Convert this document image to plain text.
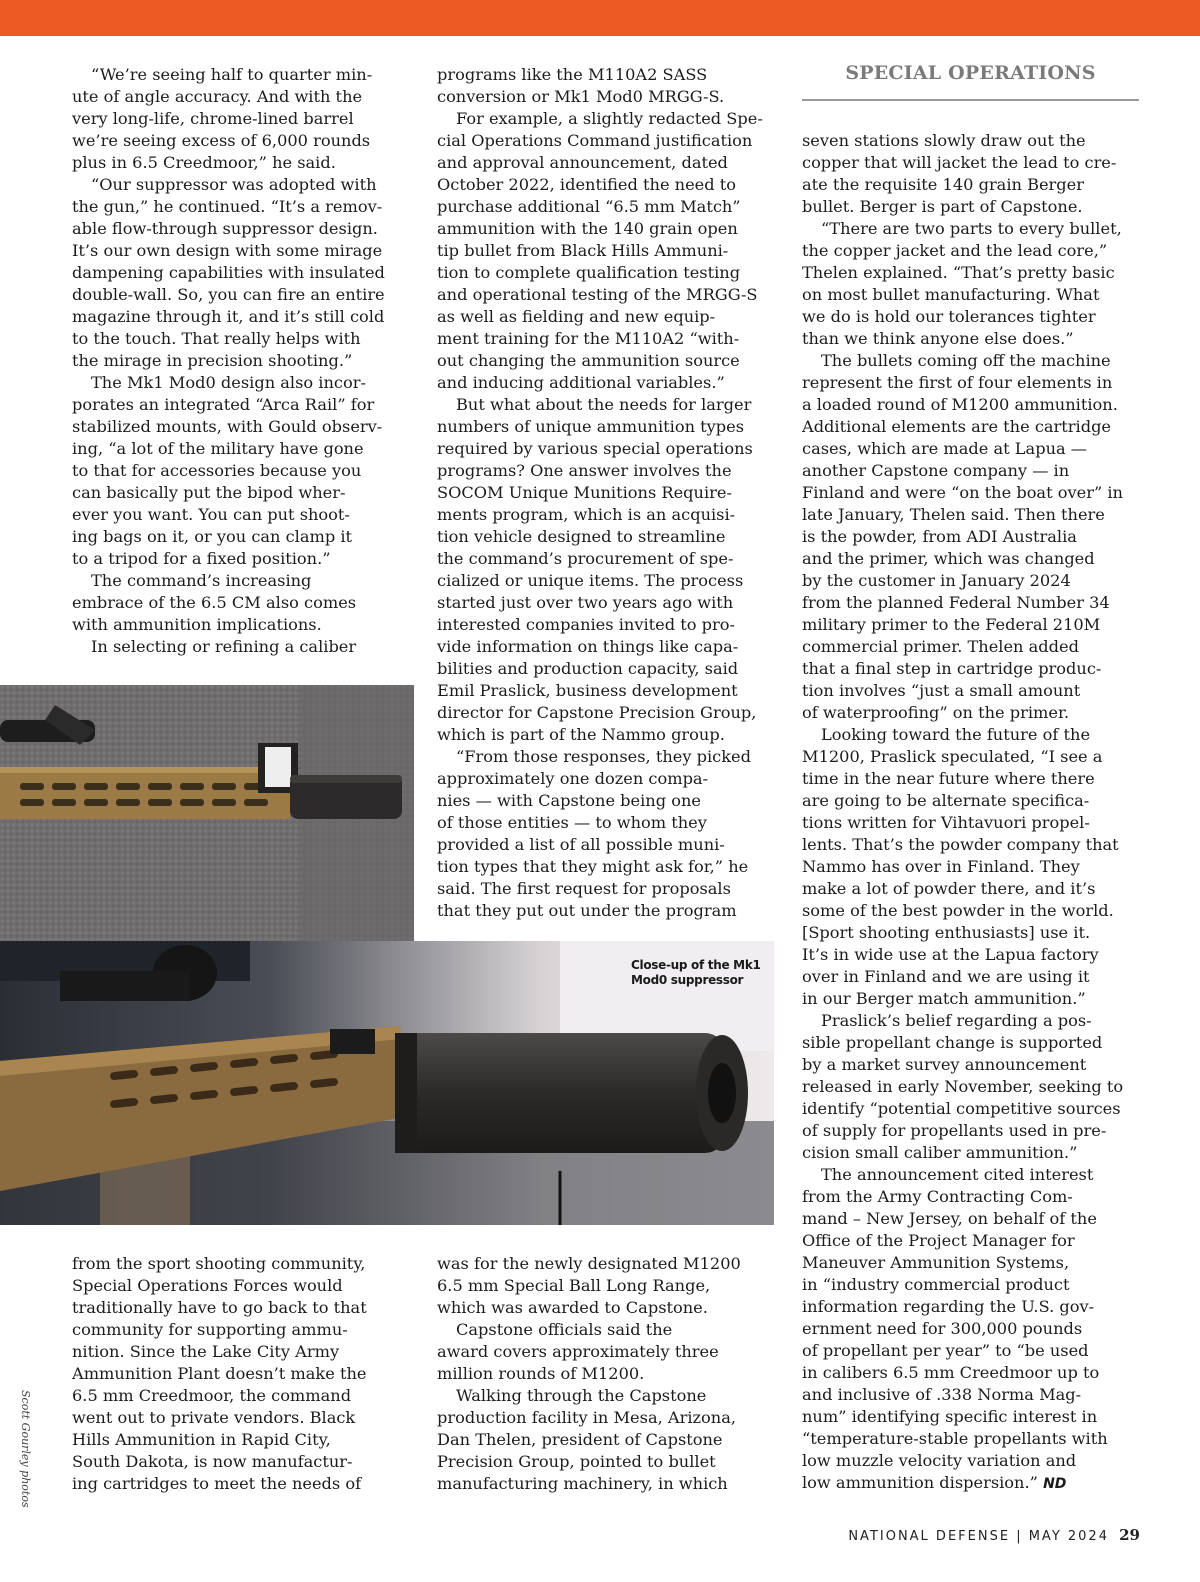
SPECIAL OPERATIONS

“We’re seeing half to quarter min-

ute of angle accuracy. And with the

very long-life, chrome-lined barrel

we’re seeing excess of 6,000 rounds

plus in 6.5 Creedmoor,” he said.

“Our suppressor was adopted with

the gun,” he continued. “It’s a remov-

able flow-through suppressor design.

It’s our own design with some mirage

dampening capabilities with insulated

double-wall. So, you can fire an entire

magazine through it, and it’s still cold

to the touch. That really helps with

the mirage in precision shooting.”

The Mk1 Mod0 design also incor-

porates an integrated “Arca Rail” for

stabilized mounts, with Gould observ-

ing, “a lot of the military have gone

to that for accessories because you

can basically put the bipod wher-

ever you want. You can put shoot-

ing bags on it, or you can clamp it

to a tripod for a fixed position.”

The command’s increasing

embrace of the 6.5 CM also comes

with ammunition implications.

In selecting or refining a caliber

from the sport shooting community,

Special Operations Forces would

traditionally have to go back to that

community for supporting ammu-

nition. Since the Lake City Army

Ammunition Plant doesn’t make the

6.5 mm Creedmoor, the command

went out to private vendors. Black

Hills Ammunition in Rapid City,

South Dakota, is now manufactur-

ing cartridges to meet the needs of

programs like the M110A2 SASS

conversion or Mk1 Mod0 MRGG-S.

For example, a slightly redacted Spe-

cial Operations Command justification

and approval announcement, dated

October 2022, identified the need to

purchase additional “6.5 mm Match”

ammunition with the 140 grain open

tip bullet from Black Hills Ammuni-

tion to complete qualification testing

and operational testing of the MRGG-S

as well as fielding and new equip-

ment training for the M110A2 “with-

out changing the ammunition source

and inducing additional variables.”

But what about the needs for larger

numbers of unique ammunition types

required by various special operations

programs? One answer involves the

SOCOM Unique Munitions Require-

ments program, which is an acquisi-

tion vehicle designed to streamline

the command’s procurement of spe-

cialized or unique items. The process

started just over two years ago with

interested companies invited to pro-

vide information on things like capa-

bilities and production capacity, said

Emil Praslick, business development

director for Capstone Precision Group,

which is part of the Nammo group.

“From those responses, they picked

approximately one dozen compa-

nies — with Capstone being one

of those entities — to whom they

provided a list of all possible muni-

tion types that they might ask for,” he

said. The first request for proposals

that they put out under the program

was for the newly designated M1200

6.5 mm Special Ball Long Range,

which was awarded to Capstone.

Capstone officials said the

award covers approximately three

million rounds of M1200.

Walking through the Capstone

production facility in Mesa, Arizona,

Dan Thelen, president of Capstone

Precision Group, pointed to bullet

manufacturing machinery, in which

seven stations slowly draw out the

copper that will jacket the lead to cre-

ate the requisite 140 grain Berger

bullet. Berger is part of Capstone.

“There are two parts to every bullet,

the copper jacket and the lead core,”

Thelen explained. “That’s pretty basic

on most bullet manufacturing. What

we do is hold our tolerances tighter

than we think anyone else does.”

The bullets coming off the machine

represent the first of four elements in

a loaded round of M1200 ammunition.

Additional elements are the cartridge

cases, which are made at Lapua —

another Capstone company — in

Finland and were “on the boat over” in

late January, Thelen said. Then there

is the powder, from ADI Australia

and the primer, which was changed

by the customer in January 2024

from the planned Federal Number 34

military primer to the Federal 210M

commercial primer. Thelen added

that a final step in cartridge produc-

tion involves “just a small amount

of waterproofing” on the primer.

Looking toward the future of the

M1200, Praslick speculated, “I see a

time in the near future where there

are going to be alternate specifica-

tions written for Vihtavuori propel-

lents. That’s the powder company that

Nammo has over in Finland. They

make a lot of powder there, and it’s

some of the best powder in the world.

[Sport shooting enthusiasts] use it.

It’s in wide use at the Lapua factory

over in Finland and we are using it

in our Berger match ammunition.”

Praslick’s belief regarding a pos-

sible propellant change is supported

by a market survey announcement

released in early November, seeking to

identify “potential competitive sources

of supply for propellants used in pre-

cision small caliber ammunition.”

The announcement cited interest

from the Army Contracting Com-

mand – New Jersey, on behalf of the

Office of the Project Manager for

Maneuver Ammunition Systems,

in “industry commercial product

information regarding the U.S. gov-

ernment need for 300,000 pounds

of propellant per year” to “be used

in calibers 6.5 mm Creedmoor up to

and inclusive of .338 Norma Mag-

num” identifying specific interest in

“temperature-stable propellants with

low muzzle velocity variation and

low ammunition dispersion.” ND

Close-up of the Mk1
Mod0 suppressor
Scott Gourley photos
NATIONAL DEFENSE | MAY 2024 29
